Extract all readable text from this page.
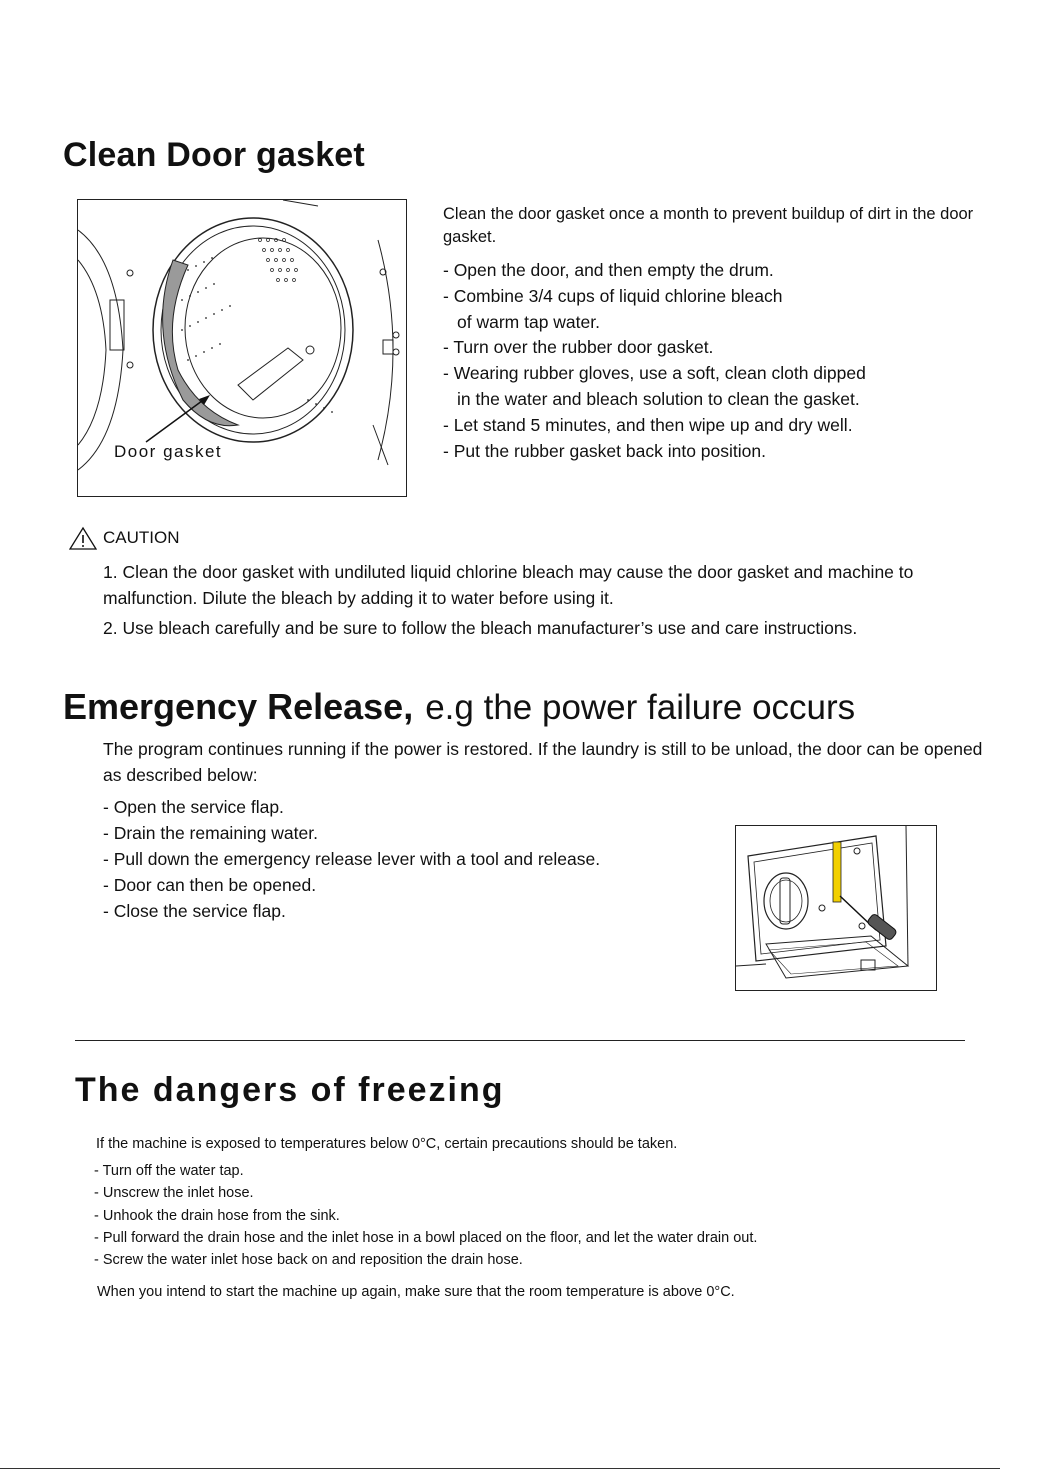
Clean Door gasket
Door gasket
Clean the door gasket once a month to prevent buildup of dirt in the door gasket.
- Open the door, and then empty the drum.
- Combine 3/4 cups of liquid chlorine bleach
of warm tap water.
- Turn over the rubber door gasket.
- Wearing rubber gloves, use a soft, clean cloth dipped
in the water and bleach solution to clean the gasket.
- Let stand 5 minutes, and then wipe up and dry well.
- Put the rubber gasket back into position.
CAUTION
1. Clean the door gasket with undiluted liquid chlorine bleach may cause the door gasket and machine to malfunction. Dilute the bleach by adding it to water before using it.
2. Use bleach carefully and be sure to follow the bleach manufacturer’s use and care instructions.
Emergency Release, e.g the power failure occurs
The program continues running if the power is restored. If the laundry is still to be unload, the door can be opened as described below:
- Open the service flap.
- Drain the remaining water.
- Pull down the emergency release lever with a tool and release.
- Door can then be opened.
- Close the service flap.
The dangers of freezing
If the machine is exposed to temperatures below 0°C, certain precautions should be taken.
- Turn off the water tap.
- Unscrew the inlet hose.
- Unhook the drain hose from the sink.
- Pull forward the drain hose and the inlet hose in a bowl placed on the floor, and let the water drain out.
- Screw the water inlet hose back on and reposition the drain hose.
When you intend to start the machine up again, make sure that the room temperature is above 0°C.
